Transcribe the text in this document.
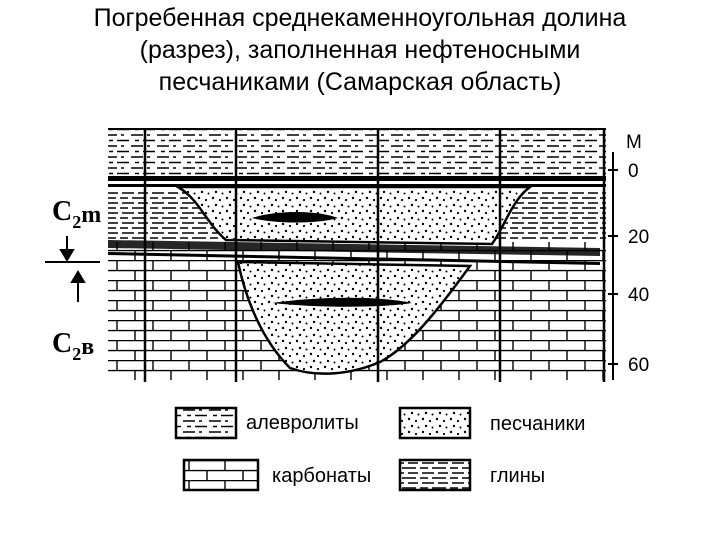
Погребенная среднекаменноугольная долина
(разрез), заполненная нефтеносными
песчаниками (Самарская область)
М
0
20
40
60
C2m
C2в
алевролиты	песчаники
карбонаты	глины
